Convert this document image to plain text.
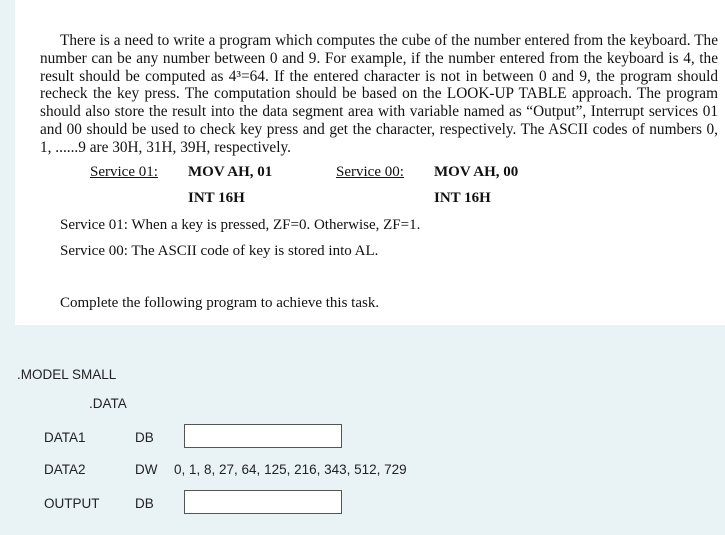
There is a need to write a program which computes the cube of the number entered from the keyboard. The number can be any number between 0 and 9. For example, if the number entered from the keyboard is 4, the result should be computed as 4³=64. If the entered character is not in between 0 and 9, the program should recheck the key press. The computation should be based on the LOOK-UP TABLE approach. The program should also store the result into the data segment area with variable named as “Output”, Interrupt services 01 and 00 should be used to check key press and get the character, respectively. The ASCII codes of numbers 0, 1, ......9 are 30H, 31H, 39H, respectively.

Service 01: MOV AH, 01
INT 16H
Service 00: MOV AH, 00
INT 16H
Service 01: When a key is pressed, ZF=0. Otherwise, ZF=1.
Service 00: The ASCII code of key is stored into AL.
Complete the following program to achieve this task.
.MODEL SMALL
.DATA
DATA1	DB
DATA2	DW 0, 1, 8, 27, 64, 125, 216, 343, 512, 729
OUTPUT	DB
